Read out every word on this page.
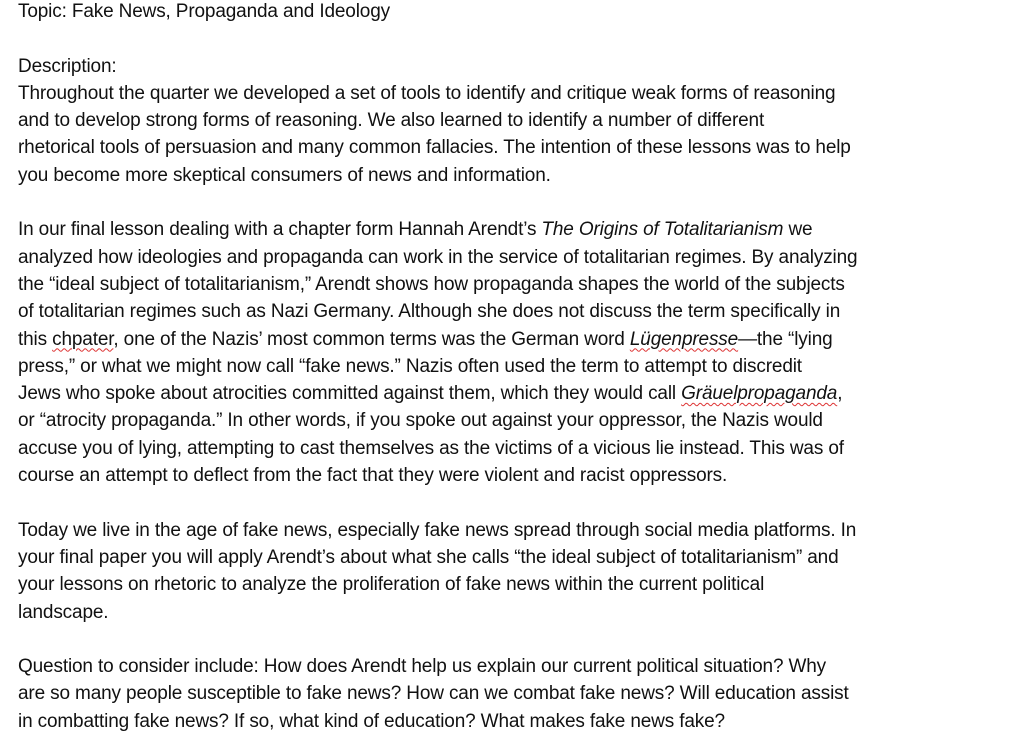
Topic: Fake News, Propaganda and Ideology
Description:
Throughout the quarter we developed a set of tools to identify and critique weak forms of reasoning
and to develop strong forms of reasoning. We also learned to identify a number of different
rhetorical tools of persuasion and many common fallacies. The intention of these lessons was to help
you become more skeptical consumers of news and information.
In our final lesson dealing with a chapter form Hannah Arendt’s The Origins of Totalitarianism we
analyzed how ideologies and propaganda can work in the service of totalitarian regimes. By analyzing
the “ideal subject of totalitarianism,” Arendt shows how propaganda shapes the world of the subjects
of totalitarian regimes such as Nazi Germany. Although she does not discuss the term specifically in
this chpater, one of the Nazis’ most common terms was the German word Lügenpresse—the “lying
press,” or what we might now call “fake news.” Nazis often used the term to attempt to discredit
Jews who spoke about atrocities committed against them, which they would call Gräuelpropaganda,
or “atrocity propaganda.” In other words, if you spoke out against your oppressor, the Nazis would
accuse you of lying, attempting to cast themselves as the victims of a vicious lie instead. This was of
course an attempt to deflect from the fact that they were violent and racist oppressors.
Today we live in the age of fake news, especially fake news spread through social media platforms. In
your final paper you will apply Arendt’s about what she calls “the ideal subject of totalitarianism” and
your lessons on rhetoric to analyze the proliferation of fake news within the current political
landscape.
Question to consider include: How does Arendt help us explain our current political situation? Why
are so many people susceptible to fake news? How can we combat fake news? Will education assist
in combatting fake news? If so, what kind of education? What makes fake news fake?
